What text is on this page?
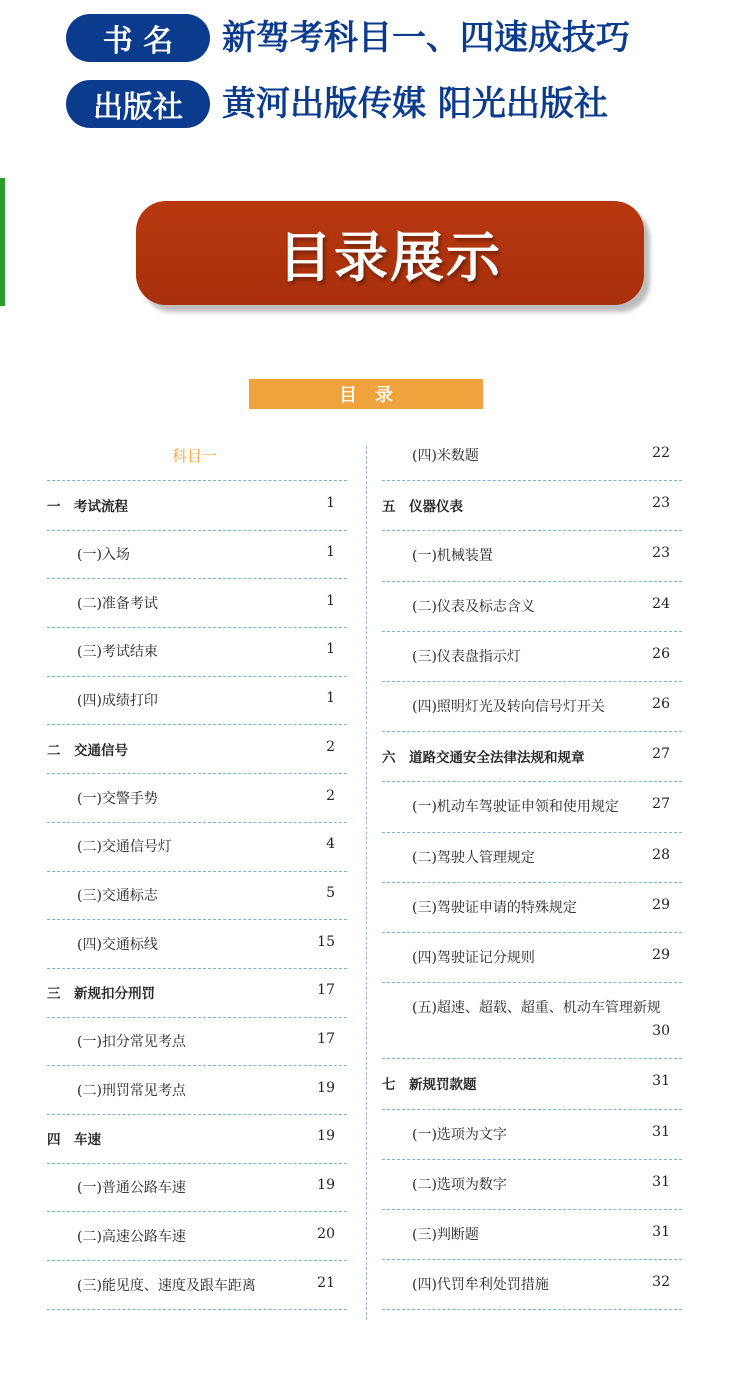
书 名 新驾考科目一、四速成技巧
出版社 黄河出版传媒 阳光出版社
目录展示
目　录
科目一
一　考试流程	1
(一)入场	1
(二)准备考试	1
(三)考试结束	1
(四)成绩打印	1
二　交通信号	2
(一)交警手势	2
(二)交通信号灯	4
(三)交通标志	5
(四)交通标线	15
三　新规扣分刑罚	17
(一)扣分常见考点	17
(二)刑罚常见考点	19
四　车速	19
(一)普通公路车速	19
(二)高速公路车速	20
(三)能见度、速度及跟车距离	21
(四)米数题	22
五　仪器仪表	23
(一)机械装置	23
(二)仪表及标志含义	24
(三)仪表盘指示灯	26
(四)照明灯光及转向信号灯开关	26
六　道路交通安全法律法规和规章	27
(一)机动车驾驶证申领和使用规定 27
(二)驾驶人管理规定	28
(三)驾驶证申请的特殊规定	29
(四)驾驶证记分规则	29
(五)超速、超载、超重、机动车管理新规
30
七　新规罚款题	31
(一)选项为文字	31
(二)选项为数字	31
(三)判断题	31
(四)代罚牟利处罚措施	32
